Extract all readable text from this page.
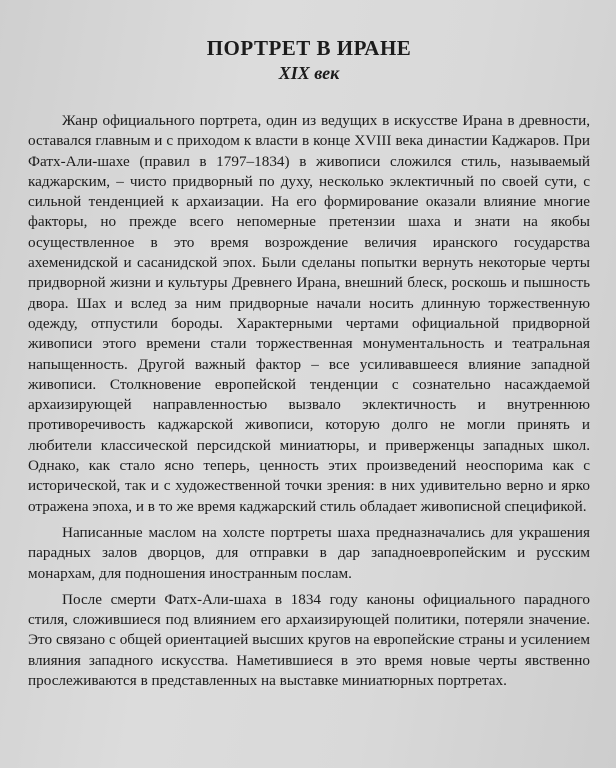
ПОРТРЕТ В ИРАНЕ
XIX век

Жанр официального портрета, один из ведущих в искусстве Ирана в древности, оставался главным и с приходом к власти в конце XVIII века династии Каджаров. При Фатх-Али-шахе (правил в 1797–1834) в живописи сложился стиль, называемый каджарским, – чисто придворный по духу, несколько эклектичный по своей сути, с сильной тенденцией к архаизации. На его формирование оказали влияние многие факторы, но прежде всего непомерные претензии шаха и знати на якобы осуществленное в это время возрождение величия иранского государства ахеменидской и сасанидской эпох. Были сделаны попытки вернуть некоторые черты придворной жизни и культуры Древнего Ирана, внешний блеск, роскошь и пышность двора. Шах и вслед за ним придворные начали носить длинную торжественную одежду, отпустили бороды. Характерными чертами официальной придворной живописи этого времени стали торжественная монументальность и театральная напыщенность. Другой важный фактор – все усиливавшееся влияние западной живописи. Столкновение европейской тенденции с сознательно насаждаемой архаизирующей направленностью вызвало эклектичность и внутреннюю противоречивость каджарской живописи, которую долго не могли принять и любители классической персидской миниатюры, и приверженцы западных школ. Однако, как стало ясно теперь, ценность этих произведений неоспорима как с исторической, так и с художественной точки зрения: в них удивительно верно и ярко отражена эпоха, и в то же время каджарский стиль обладает живописной спецификой.

Написанные маслом на холсте портреты шаха предназначались для украшения парадных залов дворцов, для отправки в дар западноевропейским и русским монархам, для подношения иностранным послам.

После смерти Фатх-Али-шаха в 1834 году каноны официального парадного стиля, сложившиеся под влиянием его архаизирующей политики, потеряли значение. Это связано с общей ориентацией высших кругов на европейские страны и усилением влияния западного искусства. Наметившиеся в это время новые черты явственно прослеживаются в представленных на выставке миниатюрных портретах.
